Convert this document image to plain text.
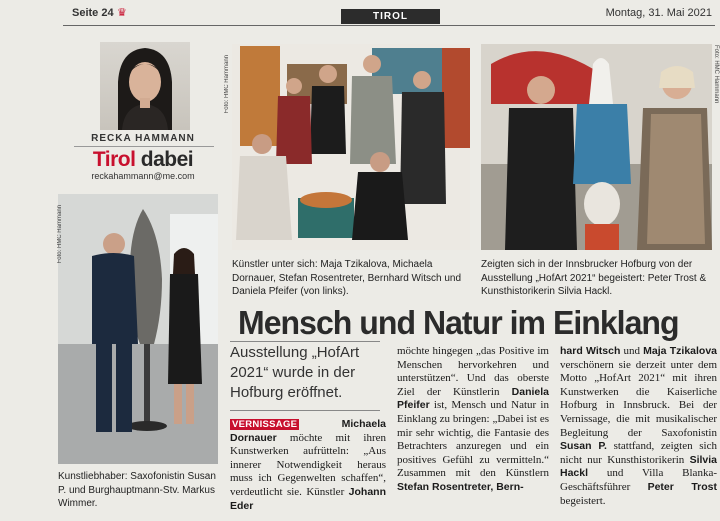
Seite 24 ♛	TIROL	Montag, 31. Mai 2021
RECKA HAMMANN
Tirol dabei
reckahammann@me.com
Foto: HMC Hammann
Kunstliebhaber: Saxofonistin Susan P. und Burghauptmann-Stv. Markus Wimmer.
Foto: HMC Hammann
Künstler unter sich: Maja Tzikalova, Michaela Dornauer, Stefan Rosentreter, Bernhard Witsch und Daniela Pfeifer (von links).
Foto: HMC Hammann
Zeigten sich in der Innsbrucker Hofburg von der Ausstellung „HofArt 2021“ begeistert: Peter Trost & Kunsthistorikerin Silvia Hackl.
Mensch und Natur im Einklang
Ausstellung „HofArt 2021“ wurde in der Hofburg eröffnet.
VERNISSAGE	Michaela Dornauer möchte mit ihren Kunstwerken aufrütteln: „Aus innerer Notwendigkeit heraus muss ich Gegenwelten schaffen“, verdeutlicht sie. Künstler Johann Eder
möchte hingegen „das Positive im Menschen hervorkehren und unterstützen“. Und das oberste Ziel der Künstlerin Daniela Pfeifer ist, Mensch und Natur in Einklang zu bringen: „Dabei ist es mir sehr wichtig, die Fantasie des Betrachters anzuregen und ein positives Gefühl zu vermitteln.“ Zusammen mit den Künstlern Stefan Rosentreter, Bern-
hard Witsch und Maja Tzikalova verschönern sie derzeit unter dem Motto „HofArt 2021“ mit ihren Kunstwerken die Kaiserliche Hofburg in Innsbruck. Bei der Vernissage, die mit musikalischer Begleitung der Saxofonistin Susan P. stattfand, zeigten sich nicht nur Kunsthistorikerin Silvia Hackl und Villa Blanka-Geschäftsführer Peter Trost begeistert.
